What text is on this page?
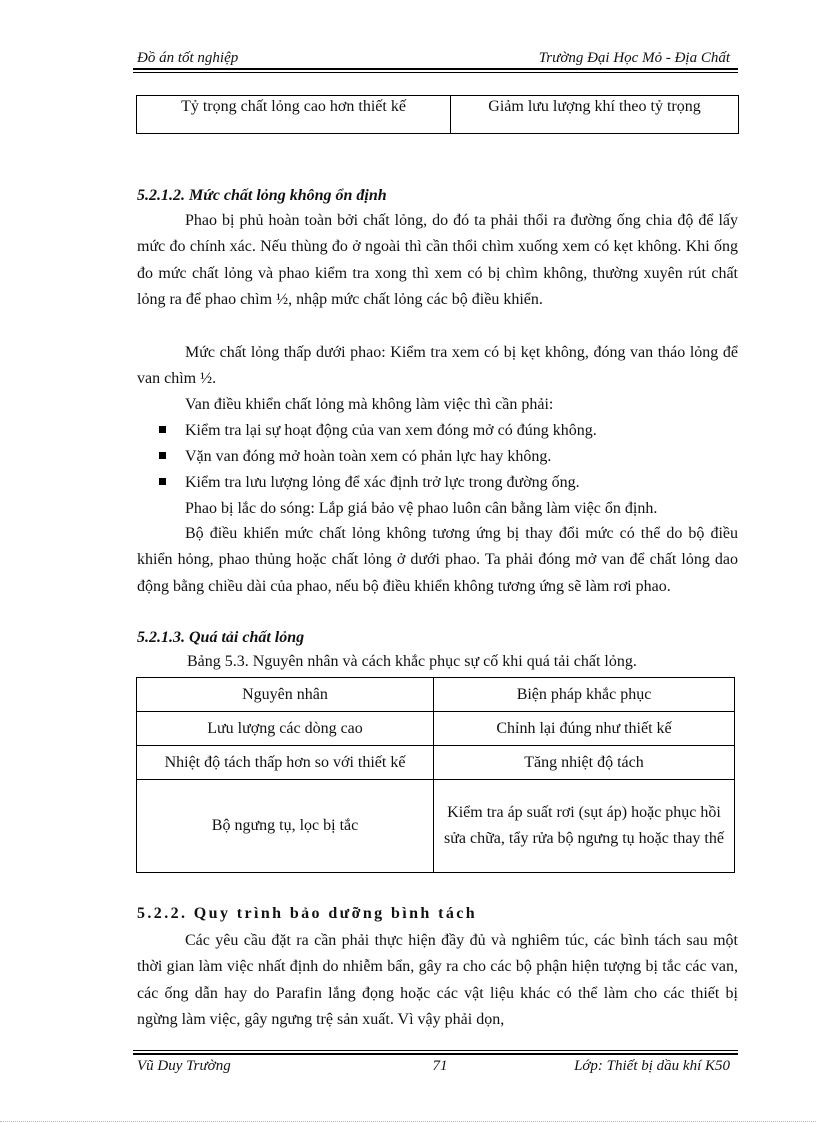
Đồ án tốt nghiệp	Trường Đại Học Mỏ - Địa Chất
Tỷ trọng chất lỏng cao hơn thiết kế	Giảm lưu lượng khí theo tỷ trọng
5.2.1.2. Mức chất lỏng không ổn định
Phao bị phủ hoàn toàn bởi chất lỏng, do đó ta phải thổi ra đường ống chia độ để lấy mức đo chính xác. Nếu thùng đo ở ngoài thì cần thổi chìm xuống xem có kẹt không. Khi ống đo mức chất lỏng và phao kiểm tra xong thì xem có bị chìm không, thường xuyên rút chất lỏng ra để phao chìm ½, nhập mức chất lỏng các bộ điều khiển.
Mức chất lỏng thấp dưới phao: Kiểm tra xem có bị kẹt không, đóng van tháo lỏng để van chìm ½.
Van điều khiển chất lỏng mà không làm việc thì cần phải:
Kiểm tra lại sự hoạt động của van xem đóng mở có đúng không.
Vặn van đóng mở hoàn toàn xem có phản lực hay không.
Kiểm tra lưu lượng lỏng để xác định trở lực trong đường ống.
Phao bị lắc do sóng: Lắp giá bảo vệ phao luôn cân bằng làm việc ổn định.
Bộ điều khiển mức chất lỏng không tương ứng bị thay đổi mức có thể do bộ điều khiển hỏng, phao thủng hoặc chất lỏng ở dưới phao. Ta phải đóng mở van để chất lỏng dao động bằng chiều dài của phao, nếu bộ điều khiển không tương ứng sẽ làm rơi phao.
5.2.1.3. Quá tải chất lỏng
Bảng 5.3. Nguyên nhân và cách khắc phục sự cố khi quá tải chất lỏng.
Nguyên nhân	Biện pháp khắc phục
Lưu lượng các dòng cao	Chỉnh lại đúng như thiết kế
Nhiệt độ tách thấp hơn so với thiết kế	Tăng nhiệt độ tách
Bộ ngưng tụ, lọc bị tắc	Kiểm tra áp suất rơi (sụt áp) hoặc phục hồi sửa chữa, tẩy rửa bộ ngưng tụ hoặc thay thế
5.2.2. Quy trình bảo dưỡng bình tách
Các yêu cầu đặt ra cần phải thực hiện đầy đủ và nghiêm túc, các bình tách sau một thời gian làm việc nhất định do nhiễm bẩn, gây ra cho các bộ phận hiện tượng bị tắc các van, các ống dẫn hay do Parafin lắng đọng hoặc các vật liệu khác có thể làm cho các thiết bị ngừng làm việc, gây ngưng trệ sản xuất. Vì vậy phải dọn,
Vũ Duy Trường	71	Lớp: Thiết bị dầu khí K50
